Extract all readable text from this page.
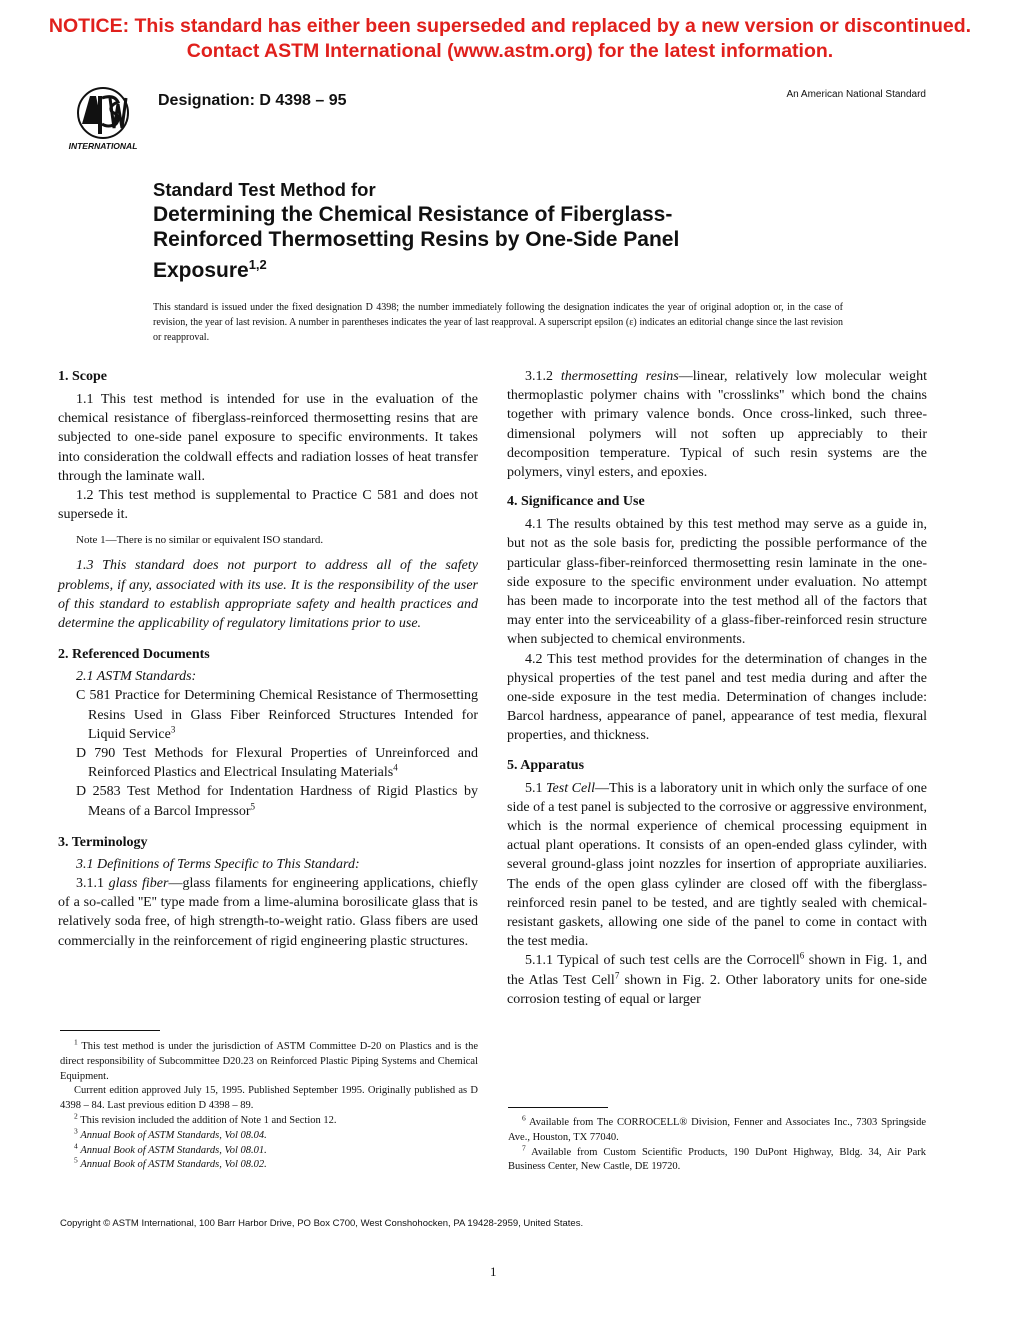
NOTICE: This standard has either been superseded and replaced by a new version or discontinued.
Contact ASTM International (www.astm.org) for the latest information.
INTERNATIONAL
Designation: D 4398 – 95	An American National Standard
Standard Test Method for
Determining the Chemical Resistance of Fiberglass-
Reinforced Thermosetting Resins by One-Side Panel
Exposure$^{1,2}$
This standard is issued under the fixed designation D 4398; the number immediately following the designation indicates the year of original adoption or, in the case of revision, the year of last revision. A number in parentheses indicates the year of last reapproval. A superscript epsilon (ε) indicates an editorial change since the last revision or reapproval.
1. Scope

1.1 This test method is intended for use in the evaluation of the chemical resistance of fiberglass-reinforced thermosetting resins that are subjected to one-side panel exposure to specific environments. It takes into consideration the coldwall effects and radiation losses of heat transfer through the laminate wall.

1.2 This test method is supplemental to Practice C 581 and does not supersede it.

Note 1—There is no similar or equivalent ISO standard.

1.3 This standard does not purport to address all of the safety problems, if any, associated with its use. It is the responsibility of the user of this standard to establish appropriate safety and health practices and determine the applicability of regulatory limitations prior to use.

2. Referenced Documents

2.1 ASTM Standards:

C 581 Practice for Determining Chemical Resistance of Thermosetting Resins Used in Glass Fiber Reinforced Structures Intended for Liquid Service$^3$

D 790 Test Methods for Flexural Properties of Unreinforced and Reinforced Plastics and Electrical Insulating Materials$^4$

D 2583 Test Method for Indentation Hardness of Rigid Plastics by Means of a Barcol Impressor$^5$

3. Terminology

3.1 Definitions of Terms Specific to This Standard:

3.1.1 glass fiber—glass filaments for engineering applications, chiefly of a so-called ''E'' type made from a lime-alumina borosilicate glass that is relatively soda free, of high strength-to-weight ratio. Glass fibers are used commercially in the reinforcement of rigid engineering plastic structures.

3.1.2 thermosetting resins—linear, relatively low molecular weight thermoplastic polymer chains with ''crosslinks'' which bond the chains together with primary valence bonds. Once cross-linked, such three-dimensional polymers will not soften up appreciably to their decomposition temperature. Typical of such resin systems are the polymers, vinyl esters, and epoxies.

4. Significance and Use

4.1 The results obtained by this test method may serve as a guide in, but not as the sole basis for, predicting the possible performance of the particular glass-fiber-reinforced thermosetting resin laminate in the one-side exposure to the specific environment under evaluation. No attempt has been made to incorporate into the test method all of the factors that may enter into the serviceability of a glass-fiber-reinforced resin structure when subjected to chemical environments.

4.2 This test method provides for the determination of changes in the physical properties of the test panel and test media during and after the one-side exposure in the test media. Determination of changes include: Barcol hardness, appearance of panel, appearance of test media, flexural properties, and thickness.

5. Apparatus

5.1 Test Cell—This is a laboratory unit in which only the surface of one side of a test panel is subjected to the corrosive or aggressive environment, which is the normal experience of chemical processing equipment in actual plant operations. It consists of an open-ended glass cylinder, with several ground-glass joint nozzles for insertion of appropriate auxiliaries. The ends of the open glass cylinder are closed off with the fiberglass-reinforced resin panel to be tested, and are tightly sealed with chemical-resistant gaskets, allowing one side of the panel to come in contact with the test media.

5.1.1 Typical of such test cells are the Corrocell$^6$ shown in Fig. 1, and the Atlas Test Cell$^7$ shown in Fig. 2. Other laboratory units for one-side corrosion testing of equal or larger

$^1$ This test method is under the jurisdiction of ASTM Committee D-20 on Plastics and is the direct responsibility of Subcommittee D20.23 on Reinforced Plastic Piping Systems and Chemical Equipment.

Current edition approved July 15, 1995. Published September 1995. Originally published as D 4398 – 84. Last previous edition D 4398 – 89.

$^2$ This revision included the addition of Note 1 and Section 12.

$^3$ Annual Book of ASTM Standards, Vol 08.04.

$^4$ Annual Book of ASTM Standards, Vol 08.01.

$^5$ Annual Book of ASTM Standards, Vol 08.02.

$^6$ Available from The CORROCELL® Division, Fenner and Associates Inc., 7303 Springside Ave., Houston, TX 77040.

$^7$ Available from Custom Scientific Products, 190 DuPont Highway, Bldg. 34, Air Park Business Center, New Castle, DE 19720.

Copyright © ASTM International, 100 Barr Harbor Drive, PO Box C700, West Conshohocken, PA 19428-2959, United States.
1
